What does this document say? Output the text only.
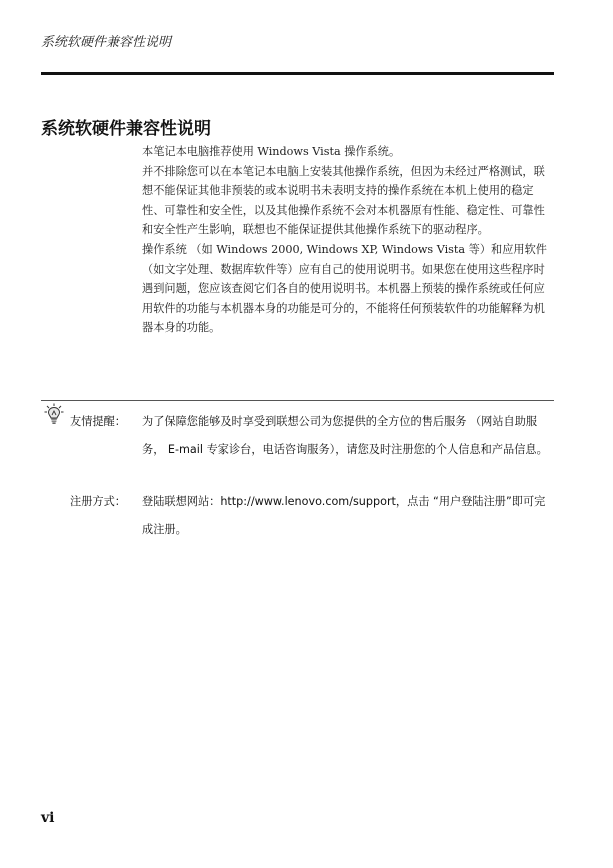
系统软硬件兼容性说明
系统软硬件兼容性说明

本笔记本电脑推荐使用 Windows Vista 操作系统。

并不排除您可以在本笔记本电脑上安装其他操作系统，但因为未经过严格测试，联想不能保证其他非预装的或本说明书未表明支持的操作系统在本机上使用的稳定性、可靠性和安全性，以及其他操作系统不会对本机器原有性能、稳定性、可靠性和安全性产生影响，联想也不能保证提供其他操作系统下的驱动程序。

操作系统 （如 Windows 2000, Windows XP, Windows Vista 等）和应用软件（如文字处理、数据库软件等）应有自己的使用说明书。如果您在使用这些程序时遇到问题，您应该查阅它们各自的使用说明书。本机器上预装的操作系统或任何应用软件的功能与本机器本身的功能是可分的，不能将任何预装软件的功能解释为机器本身的功能。

友情提醒： 为了保障您能够及时享受到联想公司为您提供的全方位的售后服务 （网站自助服务， E-mail 专家诊台，电话咨询服务），请您及时注册您的个人信息和产品信息。
注册方式： 登陆联想网站：http://www.lenovo.com/support，点击 “用户登陆注册”即可完成注册。
vi
